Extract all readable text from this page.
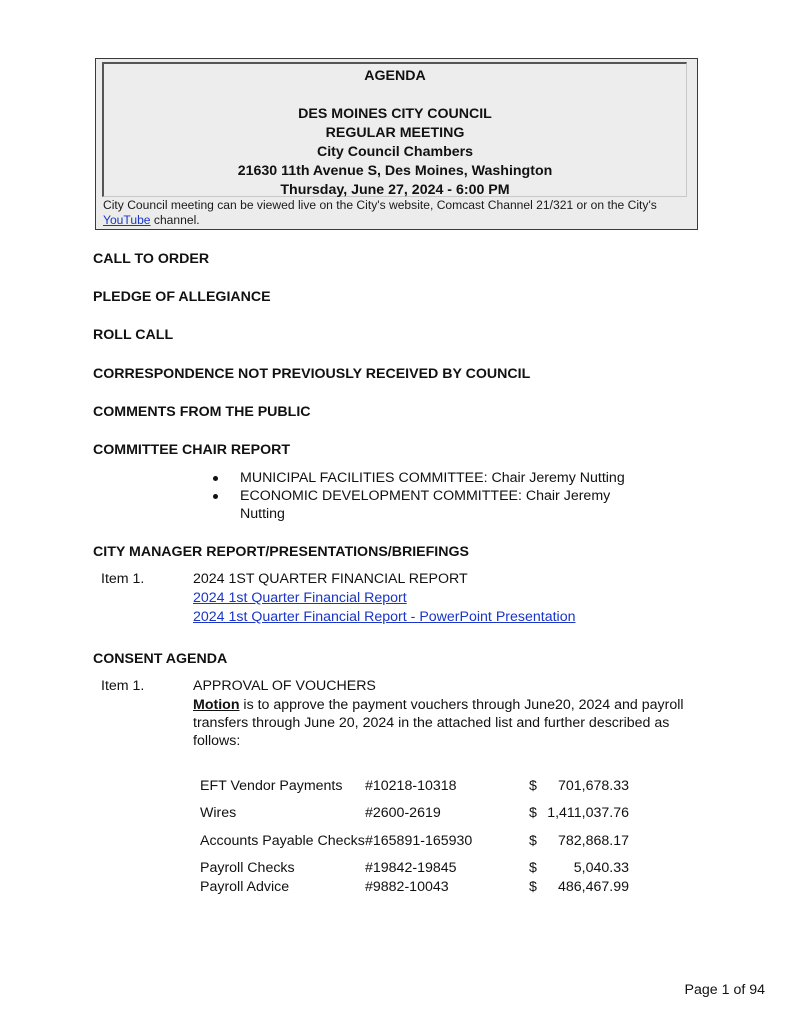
AGENDA
DES MOINES CITY COUNCIL
REGULAR MEETING
City Council Chambers
21630 11th Avenue S, Des Moines, Washington
Thursday, June 27, 2024 - 6:00 PM
City Council meeting can be viewed live on the City's website, Comcast Channel 21/321 or on the City's YouTube channel.
CALL TO ORDER
PLEDGE OF ALLEGIANCE
ROLL CALL
CORRESPONDENCE NOT PREVIOUSLY RECEIVED BY COUNCIL
COMMENTS FROM THE PUBLIC
COMMITTEE CHAIR REPORT
MUNICIPAL FACILITIES COMMITTEE: Chair Jeremy Nutting
ECONOMIC DEVELOPMENT COMMITTEE: Chair Jeremy Nutting
CITY MANAGER REPORT/PRESENTATIONS/BRIEFINGS
Item 1.	2024 1ST QUARTER FINANCIAL REPORT
2024 1st Quarter Financial Report
2024 1st Quarter Financial Report - PowerPoint Presentation
CONSENT AGENDA
Item 1.	APPROVAL OF VOUCHERS
Motion is to approve the payment vouchers through June20, 2024 and payroll transfers through June 20, 2024 in the attached list and further described as follows:
EFT Vendor Payments	#10218-10318	$	701,678.33
Wires	#2600-2619	$	1,411,037.76
Accounts Payable Checks	#165891-165930	$	782,868.17
Payroll Checks	#19842-19845	$	5,040.33
Payroll Advice	#9882-10043	$	486,467.99
Page 1 of 94
